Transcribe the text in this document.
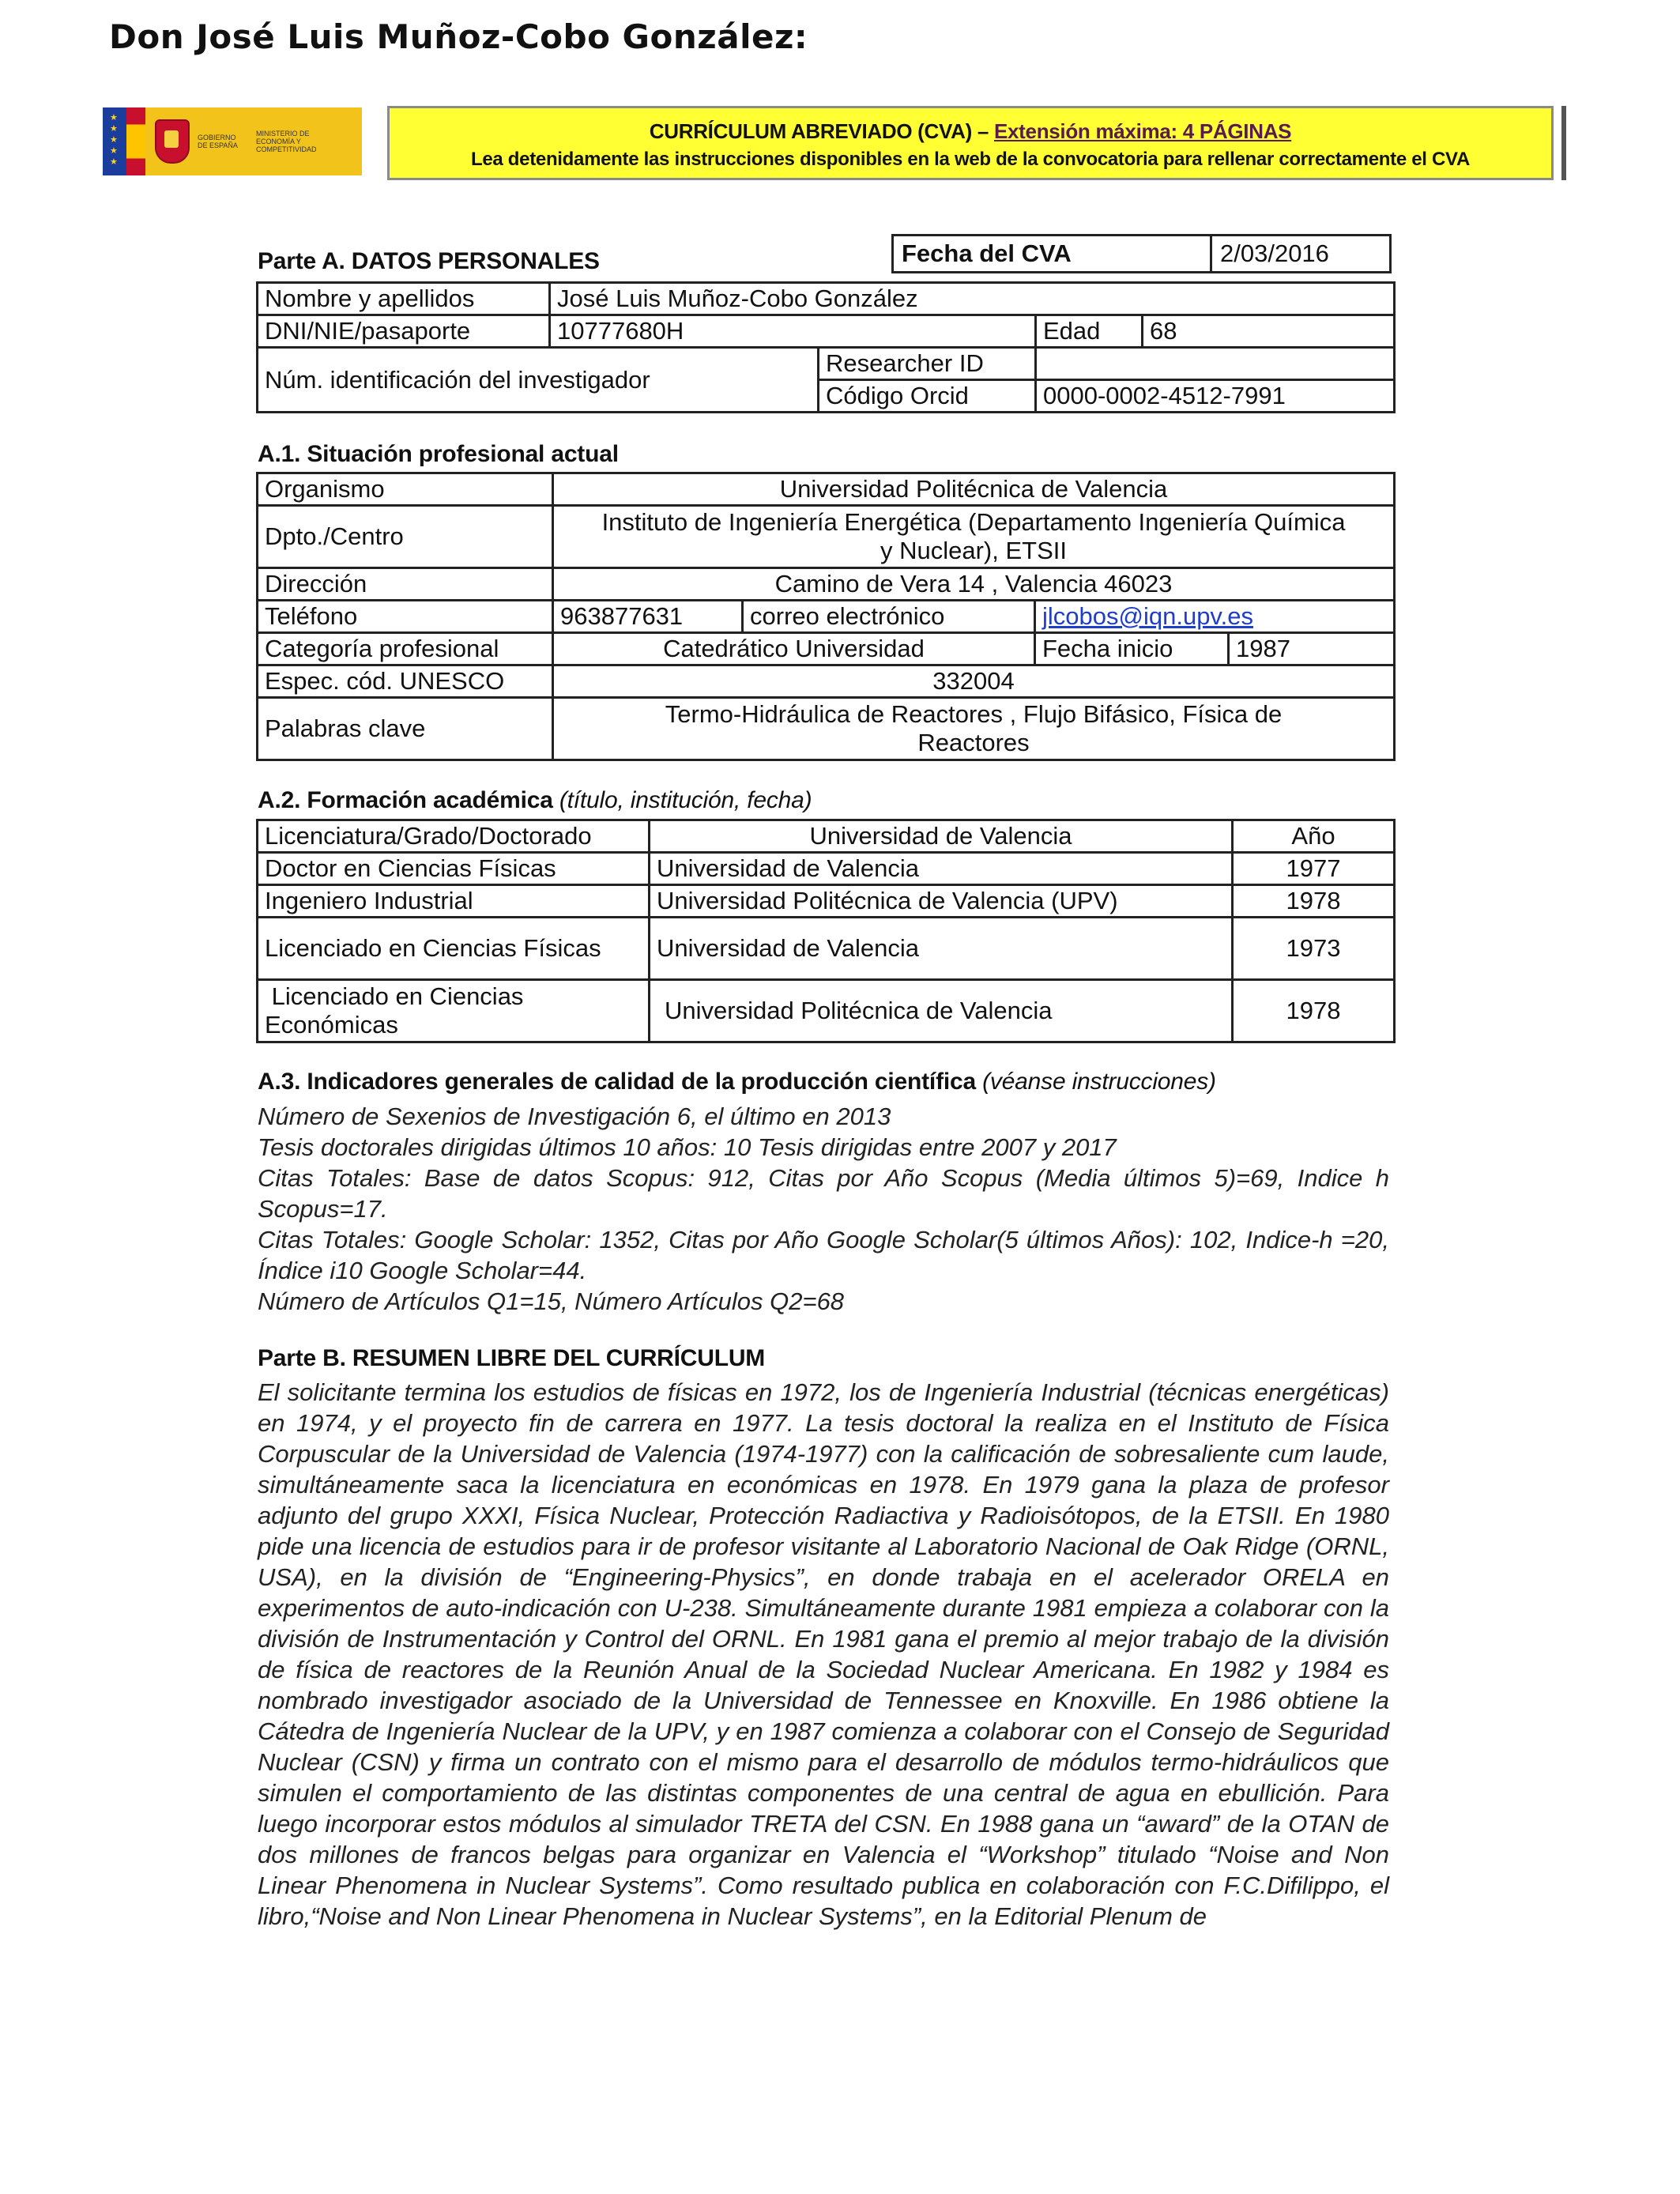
Don José Luis Muñoz-Cobo González:
★
★
★
★
★
GOBIERNO DE ESPAÑA
MINISTERIO DE ECONOMÍA Y COMPETITIVIDAD
CURRÍCULUM ABREVIADO (CVA) – Extensión máxima: 4 PÁGINAS
Lea detenidamente las instrucciones disponibles en la web de la convocatoria para rellenar correctamente el CVA
Parte A. DATOS PERSONALES	Fecha del CVA	2/03/2016
Nombre y apellidos	José Luis Muñoz-Cobo González			
DNI/NIE/pasaporte	10777680H		Edad	68
Núm. identificación del investigador		Researcher ID		
		Código Orcid	0000-0002-4512-7991	
A.1. Situación profesional actual
Organismo	Universidad Politécnica de Valencia			
Dpto./Centro	Instituto de Ingeniería Energética (Departamento Ingeniería Química y Nuclear), ETSII			
Dirección	Camino de Vera 14 , Valencia 46023			
Teléfono	963877631	correo electrónico	jlcobos@iqn.upv.es	
Categoría profesional	Catedrático Universidad		Fecha inicio	1987
Espec. cód. UNESCO	332004			
Palabras clave	Termo-Hidráulica de Reactores , Flujo Bifásico, Física de Reactores			
A.2. Formación académica (título, institución, fecha)
Licenciatura/Grado/Doctorado	Universidad de Valencia	Año
Doctor en Ciencias Físicas	Universidad de Valencia	1977
Ingeniero Industrial	Universidad Politécnica de Valencia (UPV)	1978
Licenciado en Ciencias Físicas	Universidad de Valencia	1973
Licenciado en Ciencias Económicas	Universidad Politécnica de Valencia	1978
A.3. Indicadores generales de calidad de la producción científica (véanse instrucciones)

Número de Sexenios de Investigación 6, el último en 2013

Tesis doctorales dirigidas últimos 10 años: 10 Tesis dirigidas entre 2007 y 2017

Citas Totales: Base de datos Scopus: 912, Citas por Año Scopus (Media últimos 5)=69, Indice h Scopus=17.

Citas Totales: Google Scholar: 1352, Citas por Año Google Scholar(5 últimos Años): 102, Indice-h =20, Índice i10 Google Scholar=44.

Número de Artículos Q1=15, Número Artículos Q2=68

Parte B. RESUMEN LIBRE DEL CURRÍCULUM
El solicitante termina los estudios de físicas en 1972, los de Ingeniería Industrial (técnicas energéticas) en 1974, y el proyecto fin de carrera en 1977. La tesis doctoral la realiza en el Instituto de Física Corpuscular de la Universidad de Valencia (1974-1977) con la calificación de sobresaliente cum laude, simultáneamente saca la licenciatura en económicas en 1978. En 1979 gana la plaza de profesor adjunto del grupo XXXI, Física Nuclear, Protección Radiactiva y Radioisótopos, de la ETSII. En 1980 pide una licencia de estudios para ir de profesor visitante al Laboratorio Nacional de Oak Ridge (ORNL, USA), en la división de “Engineering-Physics”, en donde trabaja en el acelerador ORELA en experimentos de auto-indicación con U-238. Simultáneamente durante 1981 empieza a colaborar con la división de Instrumentación y Control del ORNL. En 1981 gana el premio al mejor trabajo de la división de física de reactores de la Reunión Anual de la Sociedad Nuclear Americana. En 1982 y 1984 es nombrado investigador asociado de la Universidad de Tennessee en Knoxville. En 1986 obtiene la Cátedra de Ingeniería Nuclear de la UPV, y en 1987 comienza a colaborar con el Consejo de Seguridad Nuclear (CSN) y firma un contrato con el mismo para el desarrollo de módulos termo-hidráulicos que simulen el comportamiento de las distintas componentes de una central de agua en ebullición. Para luego incorporar estos módulos al simulador TRETA del CSN. En 1988 gana un “award” de la OTAN de dos millones de francos belgas para organizar en Valencia el “Workshop” titulado “Noise and Non Linear Phenomena in Nuclear Systems”. Como resultado publica en colaboración con F.C.Difilippo, el libro,“Noise and Non Linear Phenomena in Nuclear Systems”, en la Editorial Plenum de
